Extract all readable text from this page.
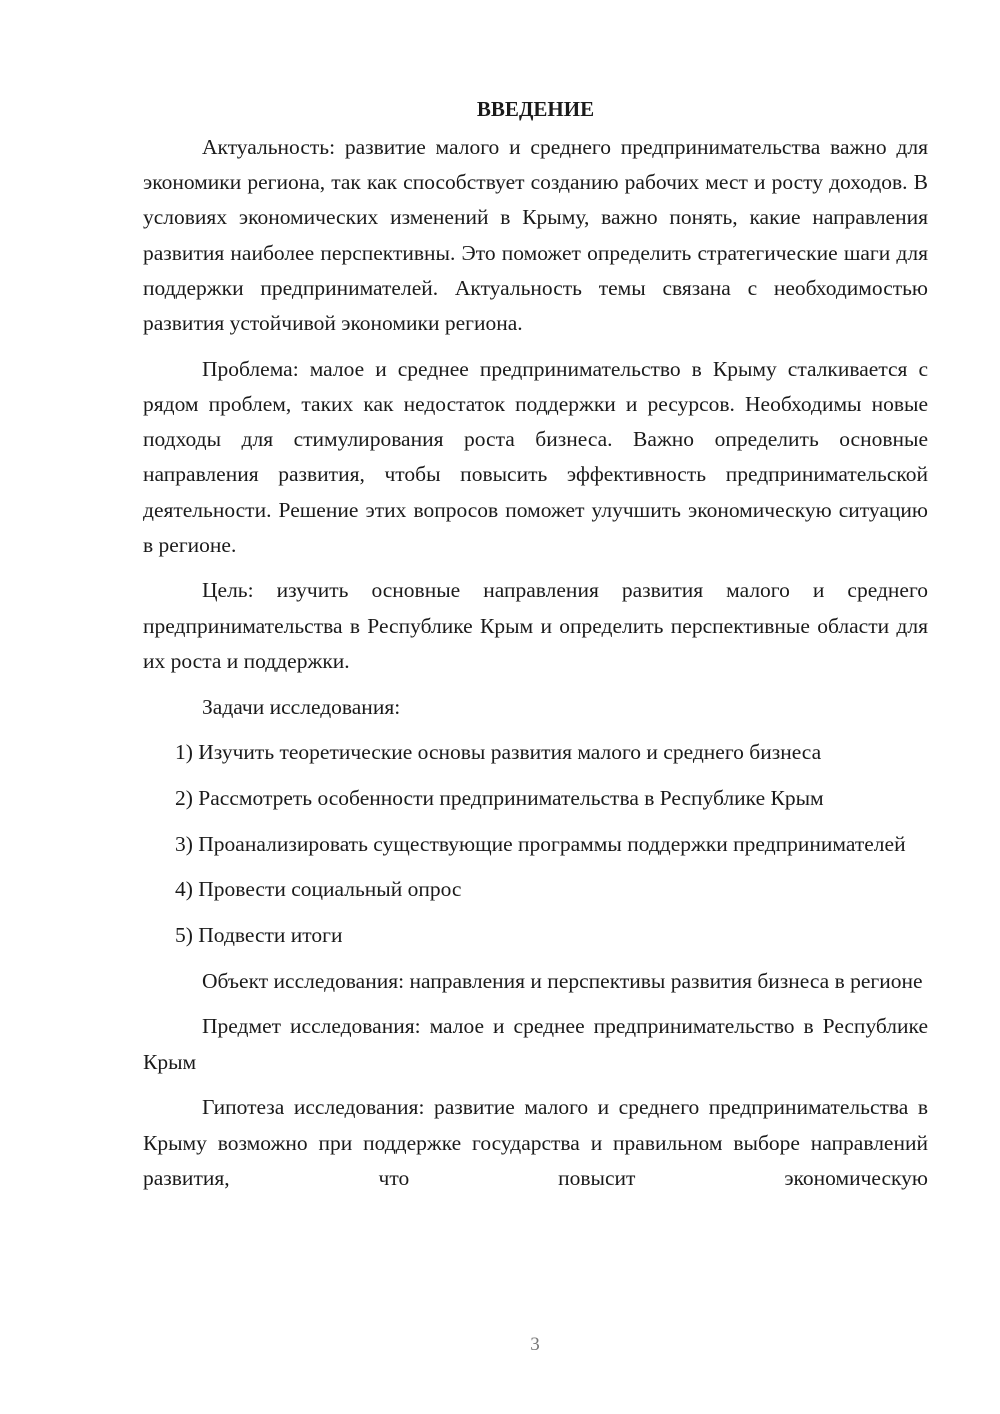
ВВЕДЕНИЕ

Актуальность: развитие малого и среднего предпринимательства важно для экономики региона, так как способствует созданию рабочих мест и росту доходов. В условиях экономических изменений в Крыму, важно понять, какие направления развития наиболее перспективны. Это поможет определить стратегические шаги для поддержки предпринимателей. Актуальность темы связана с необходимостью развития устойчивой экономики региона.

Проблема: малое и среднее предпринимательство в Крыму сталкивается с рядом проблем, таких как недостаток поддержки и ресурсов. Необходимы новые подходы для стимулирования роста бизнеса. Важно определить основные направления развития, чтобы повысить эффективность предпринимательской деятельности. Решение этих вопросов поможет улучшить экономическую ситуацию в регионе.

Цель: изучить основные направления развития малого и среднего предпринимательства в Республике Крым и определить перспективные области для их роста и поддержки.

Задачи исследования:

1) Изучить теоретические основы развития малого и среднего бизнеса

2) Рассмотреть особенности предпринимательства в Республике Крым

3) Проанализировать существующие программы поддержки предпринимателей

4) Провести социальный опрос

5) Подвести итоги

Объект исследования: направления и перспективы развития бизнеса в регионе

Предмет исследования: малое и среднее предпринимательство в Республике Крым

Гипотеза исследования: развитие малого и среднего предпринимательства в Крыму возможно при поддержке государства и правильном выборе направлений развития, что повысит экономическую

3
